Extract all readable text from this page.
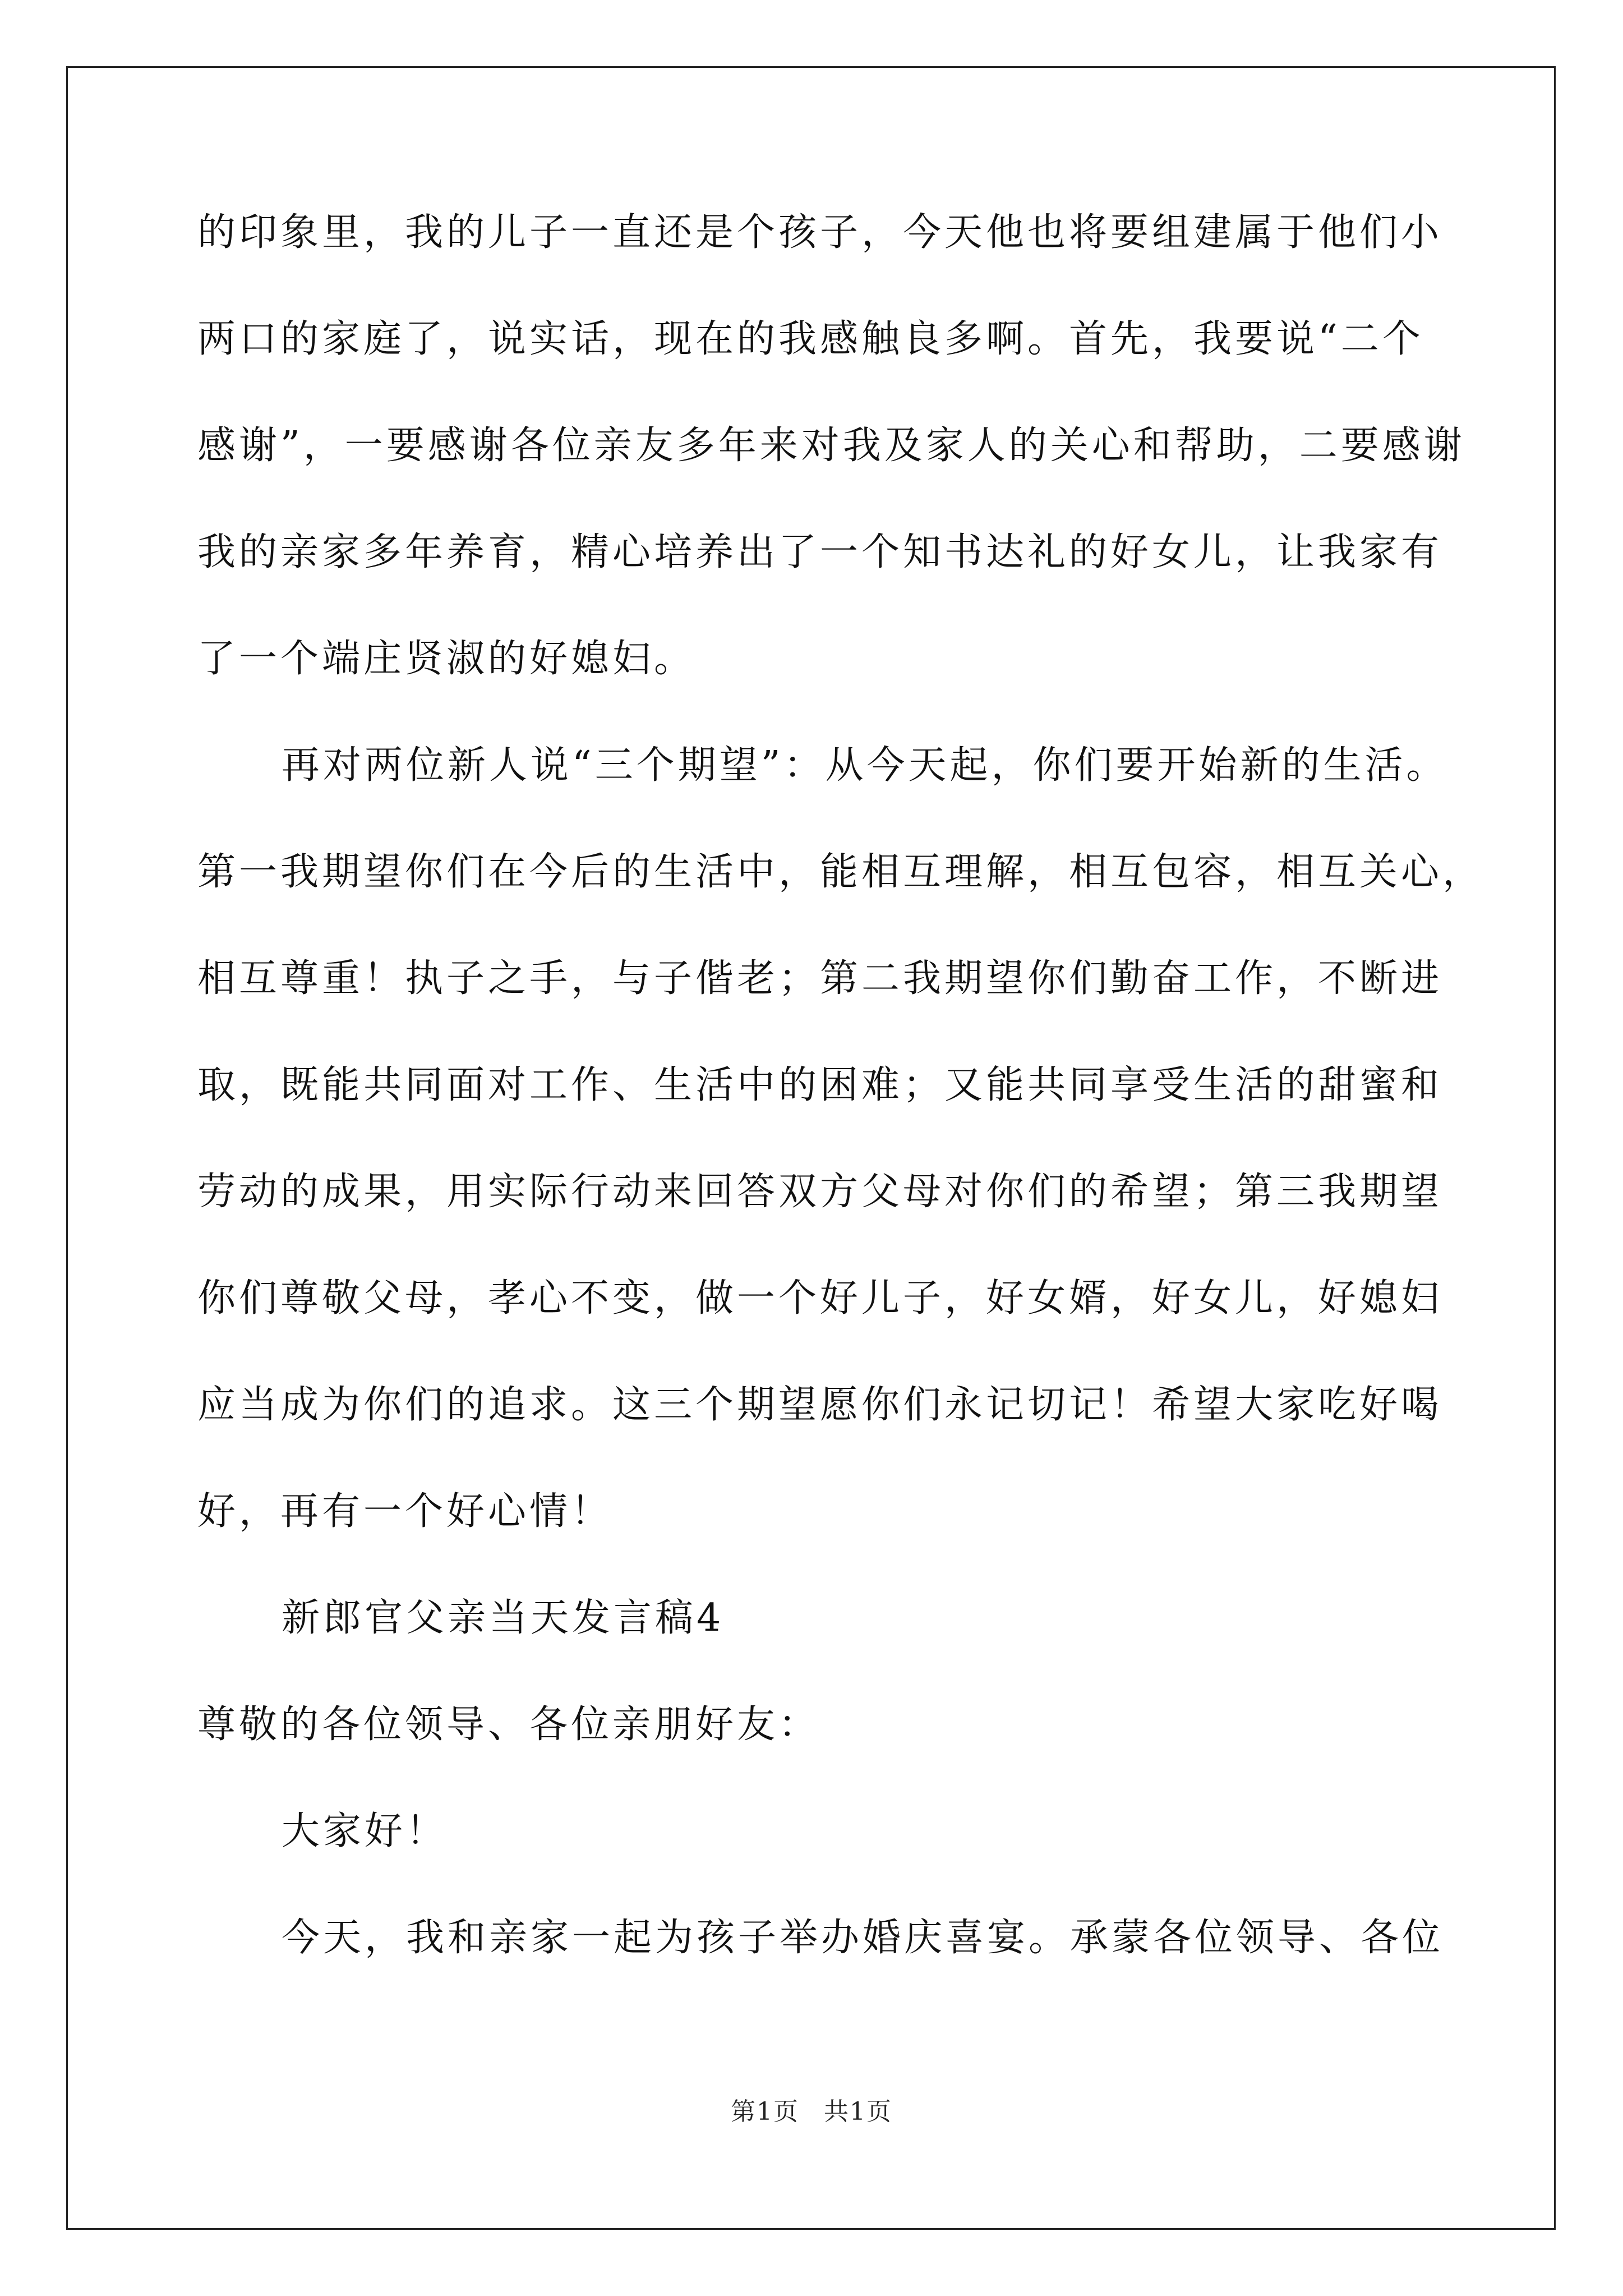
的印象里，我的儿子一直还是个孩子，今天他也将要组建属于他们小
两口的家庭了，说实话，现在的我感触良多啊。首先，我要说“二个
感谢”，一要感谢各位亲友多年来对我及家人的关心和帮助，二要感谢
我的亲家多年养育，精心培养出了一个知书达礼的好女儿，让我家有
了一个端庄贤淑的好媳妇。
再对两位新人说“三个期望”：从今天起，你们要开始新的生活。
第一我期望你们在今后的生活中，能相互理解，相互包容，相互关心，
相互尊重！执子之手，与子偕老；第二我期望你们勤奋工作，不断进
取，既能共同面对工作、生活中的困难；又能共同享受生活的甜蜜和
劳动的成果，用实际行动来回答双方父母对你们的希望；第三我期望
你们尊敬父母，孝心不变，做一个好儿子，好女婿，好女儿，好媳妇
应当成为你们的追求。这三个期望愿你们永记切记！希望大家吃好喝
好，再有一个好心情！
新郎官父亲当天发言稿4
尊敬的各位领导、各位亲朋好友：
大家好！
今天，我和亲家一起为孩子举办婚庆喜宴。承蒙各位领导、各位
第1页 共1页
